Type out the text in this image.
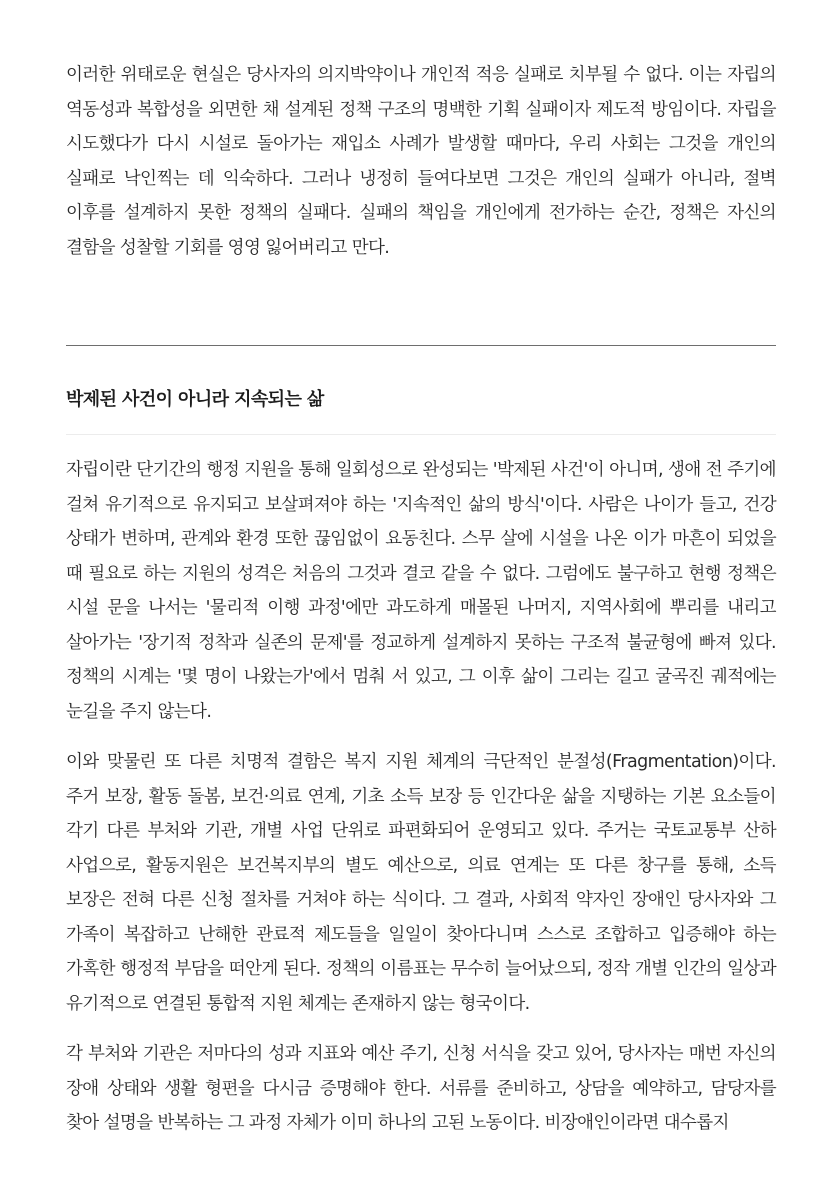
이러한 위태로운 현실은 당사자의 의지박약이나 개인적 적응 실패로 치부될 수 없다. 이는 자립의 역동성과 복합성을 외면한 채 설계된 정책 구조의 명백한 기획 실패이자 제도적 방임이다. 자립을 시도했다가 다시 시설로 돌아가는 재입소 사례가 발생할 때마다, 우리 사회는 그것을 개인의 실패로 낙인찍는 데 익숙하다. 그러나 냉정히 들여다보면 그것은 개인의 실패가 아니라, 절벽 이후를 설계하지 못한 정책의 실패다. 실패의 책임을 개인에게 전가하는 순간, 정책은 자신의 결함을 성찰할 기회를 영영 잃어버리고 만다.

박제된 사건이 아니라 지속되는 삶

자립이란 단기간의 행정 지원을 통해 일회성으로 완성되는 '박제된 사건'이 아니며, 생애 전 주기에 걸쳐 유기적으로 유지되고 보살펴져야 하는 '지속적인 삶의 방식'이다. 사람은 나이가 들고, 건강 상태가 변하며, 관계와 환경 또한 끊임없이 요동친다. 스무 살에 시설을 나온 이가 마흔이 되었을 때 필요로 하는 지원의 성격은 처음의 그것과 결코 같을 수 없다. 그럼에도 불구하고 현행 정책은 시설 문을 나서는 '물리적 이행 과정'에만 과도하게 매몰된 나머지, 지역사회에 뿌리를 내리고 살아가는 '장기적 정착과 실존의 문제'를 정교하게 설계하지 못하는 구조적 불균형에 빠져 있다. 정책의 시계는 '몇 명이 나왔는가'에서 멈춰 서 있고, 그 이후 삶이 그리는 길고 굴곡진 궤적에는 눈길을 주지 않는다.

이와 맞물린 또 다른 치명적 결함은 복지 지원 체계의 극단적인 분절성(Fragmentation)이다. 주거 보장, 활동 돌봄, 보건·의료 연계, 기초 소득 보장 등 인간다운 삶을 지탱하는 기본 요소들이 각기 다른 부처와 기관, 개별 사업 단위로 파편화되어 운영되고 있다. 주거는 국토교통부 산하 사업으로, 활동지원은 보건복지부의 별도 예산으로, 의료 연계는 또 다른 창구를 통해, 소득 보장은 전혀 다른 신청 절차를 거쳐야 하는 식이다. 그 결과, 사회적 약자인 장애인 당사자와 그 가족이 복잡하고 난해한 관료적 제도들을 일일이 찾아다니며 스스로 조합하고 입증해야 하는 가혹한 행정적 부담을 떠안게 된다. 정책의 이름표는 무수히 늘어났으되, 정작 개별 인간의 일상과 유기적으로 연결된 통합적 지원 체계는 존재하지 않는 형국이다.

각 부처와 기관은 저마다의 성과 지표와 예산 주기, 신청 서식을 갖고 있어, 당사자는 매번 자신의 장애 상태와 생활 형편을 다시금 증명해야 한다. 서류를 준비하고, 상담을 예약하고, 담당자를 찾아 설명을 반복하는 그 과정 자체가 이미 하나의 고된 노동이다. 비장애인이라면 대수롭지
